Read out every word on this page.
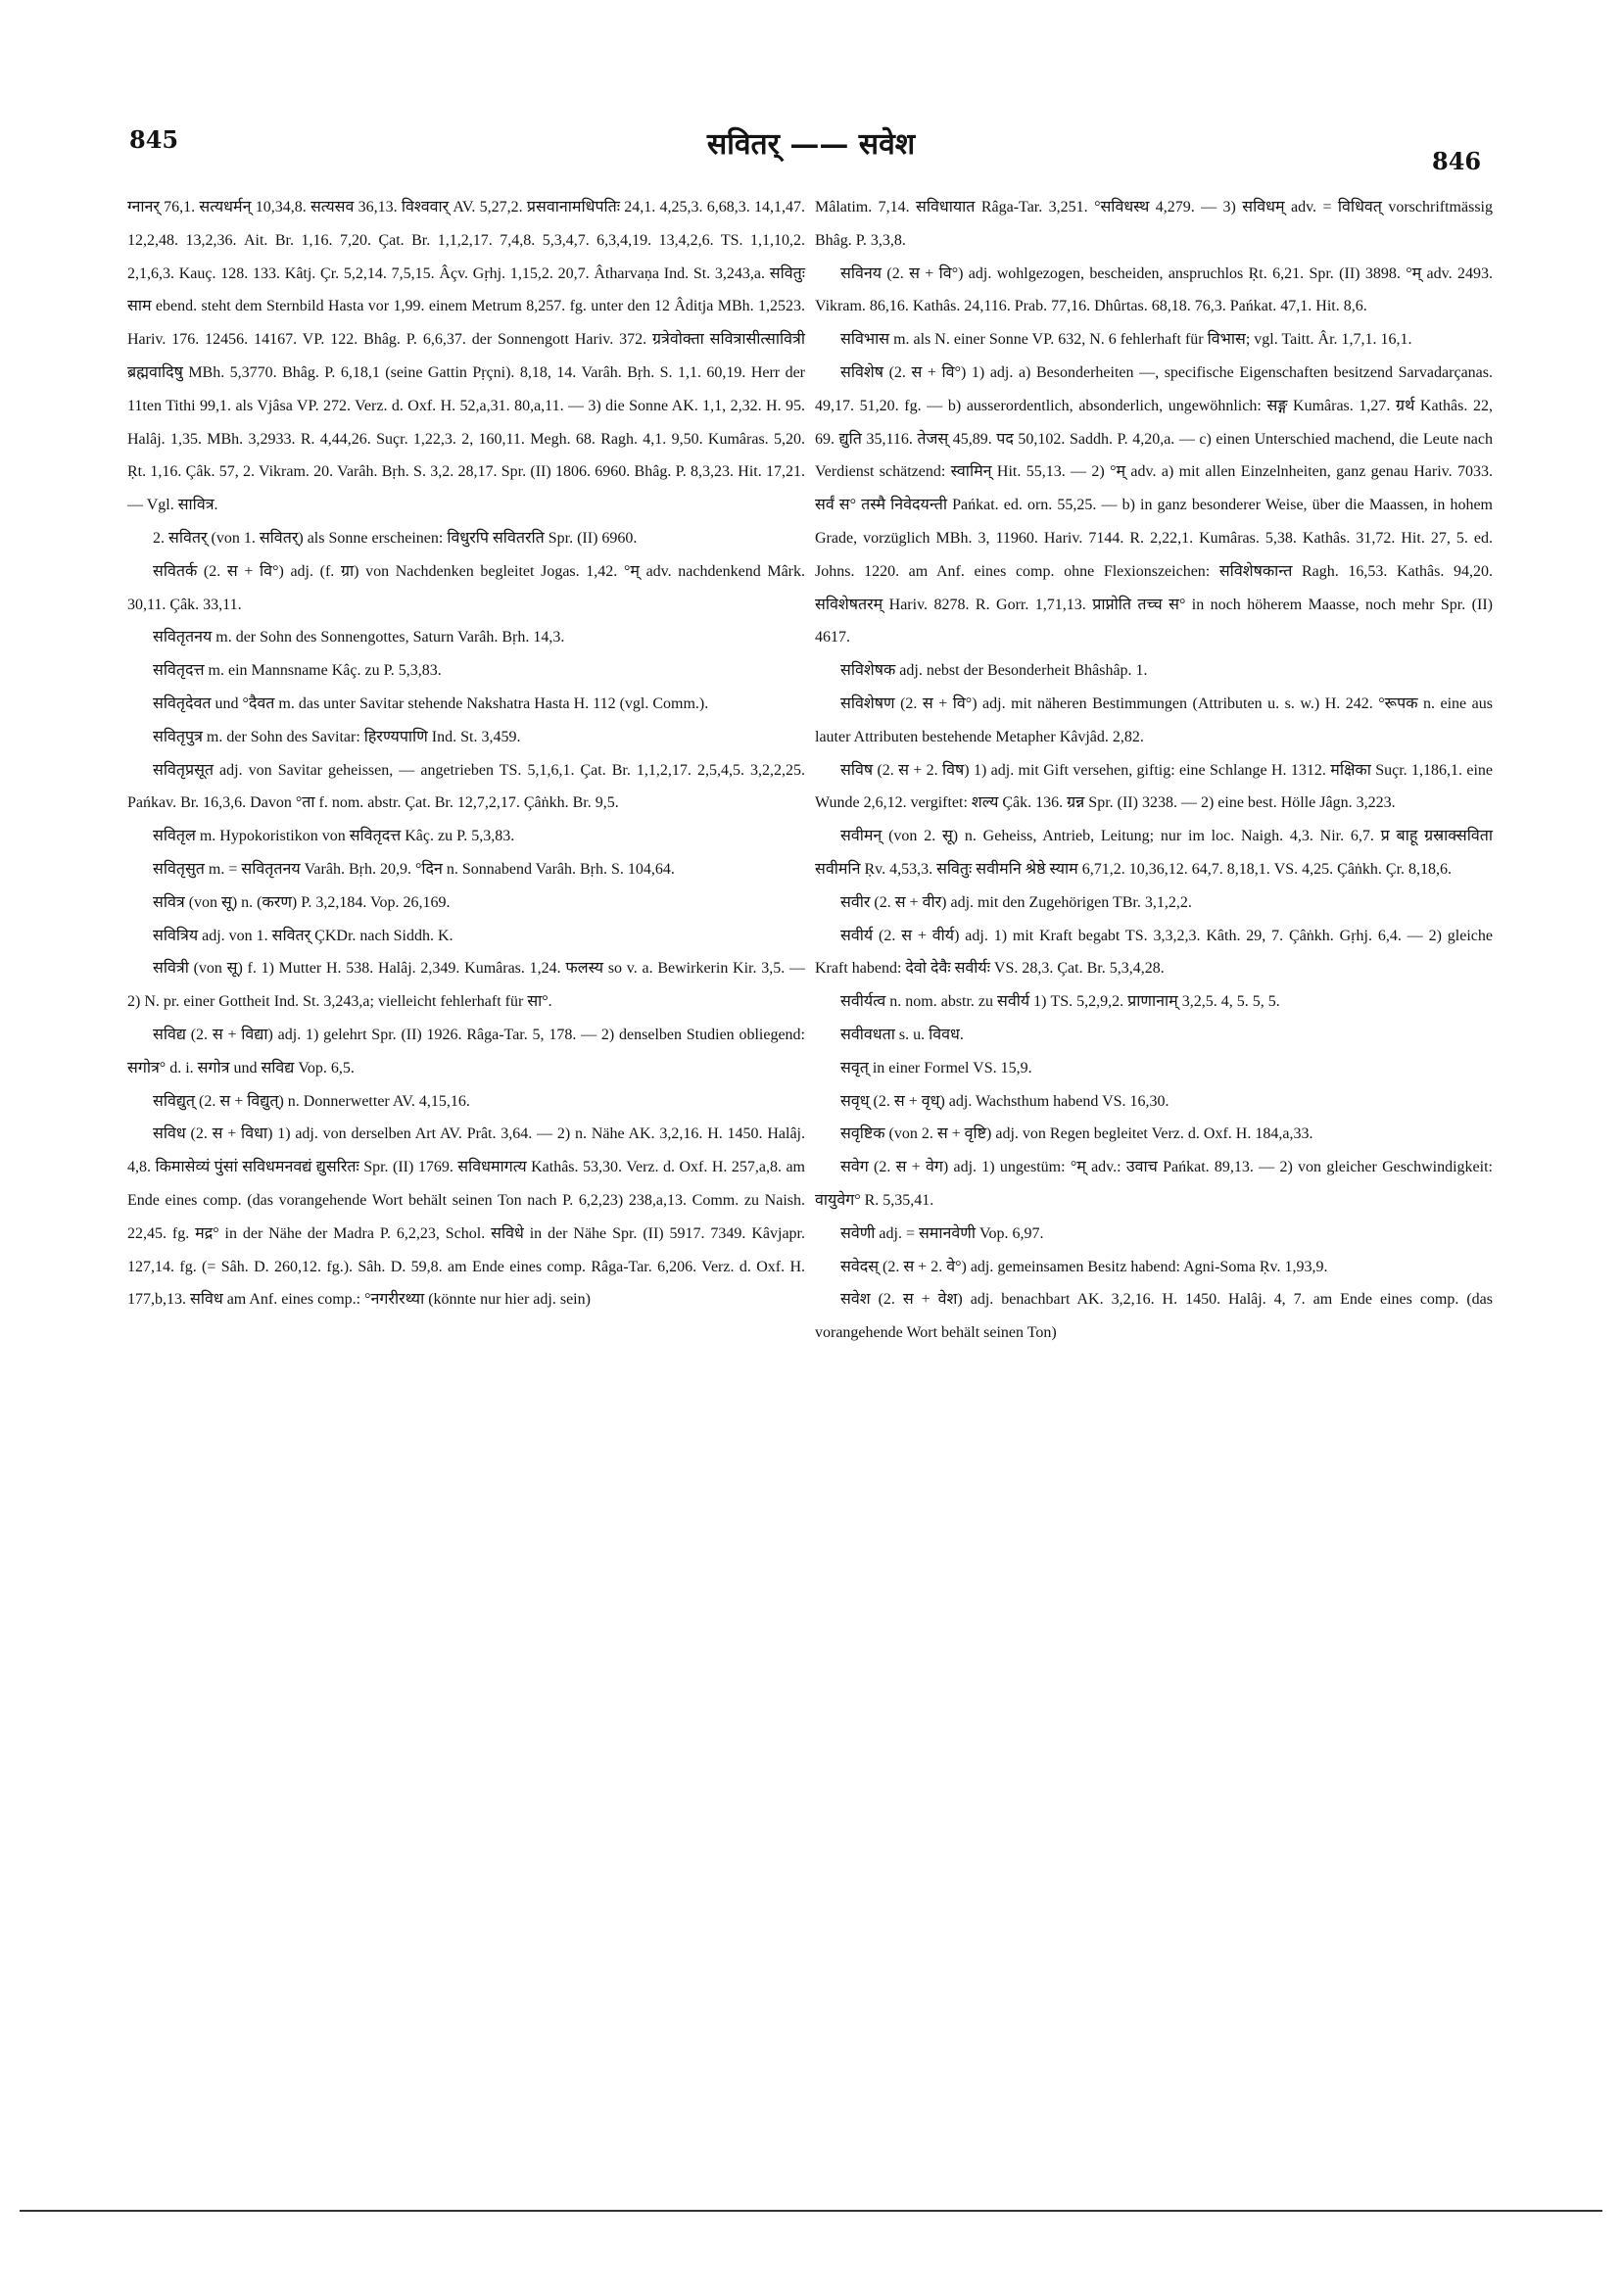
845	सवितर् —— सवेश	846

ग्नानर् 76,1. सत्यधर्मन् 10,34,8. सत्यसव 36,13. विश्ववार् AV. 5,27,2. प्रसवानामधिपतिः 24,1. 4,25,3. 6,68,3. 14,1,47. 12,2,48. 13,2,36. Ait. Br. 1,16. 7,20. Çat. Br. 1,1,2,17. 7,4,8. 5,3,4,7. 6,3,4,19. 13,4,2,6. TS. 1,1,10,2. 2,1,6,3. Kauç. 128. 133. Kâtj. Çr. 5,2,14. 7,5,15. Âçv. Gṛhj. 1,15,2. 20,7. Âtharvaṇa Ind. St. 3,243,a. सवितुः साम ebend. steht dem Sternbild Hasta vor 1,99. einem Metrum 8,257. fg. unter den 12 Âditja MBh. 1,2523. Hariv. 176. 12456. 14167. VP. 122. Bhâg. P. 6,6,37. der Sonnengott Hariv. 372. ग्रत्रेवोक्ता सवित्रासीत्सावित्री ब्रह्मवादिषु MBh. 5,3770. Bhâg. P. 6,18,1 (seine Gattin Pṛçni). 8,18, 14. Varâh. Bṛh. S. 1,1. 60,19. Herr der 11ten Tithi 99,1. als Vjâsa VP. 272. Verz. d. Oxf. H. 52,a,31. 80,a,11. — 3) die Sonne AK. 1,1, 2,32. H. 95. Halâj. 1,35. MBh. 3,2933. R. 4,44,26. Suçr. 1,22,3. 2, 160,11. Megh. 68. Ragh. 4,1. 9,50. Kumâras. 5,20. Ṛt. 1,16. Çâk. 57, 2. Vikram. 20. Varâh. Bṛh. S. 3,2. 28,17. Spr. (II) 1806. 6960. Bhâg. P. 8,3,23. Hit. 17,21. — Vgl. सावित्र.

2. सवितर् (von 1. सवितर्) als Sonne erscheinen: विधुरपि सवितरति Spr. (II) 6960.

सवितर्क (2. स + वि°) adj. (f. ग्रा) von Nachdenken begleitet Jogas. 1,42. °म् adv. nachdenkend Mârk. 30,11. Çâk. 33,11.

सवितृतनय m. der Sohn des Sonnengottes, Saturn Varâh. Bṛh. 14,3.

सवितृदत्त m. ein Mannsname Kâç. zu P. 5,3,83.

सवितृदेवत und °दैवत m. das unter Savitar stehende Nakshatra Hasta H. 112 (vgl. Comm.).

सवितृपुत्र m. der Sohn des Savitar: हिरण्यपाणि Ind. St. 3,459.

सवितृप्रसूत adj. von Savitar geheissen, — angetrieben TS. 5,1,6,1. Çat. Br. 1,1,2,17. 2,5,4,5. 3,2,2,25. Pańkav. Br. 16,3,6. Davon °ता f. nom. abstr. Çat. Br. 12,7,2,17. Çâṅkh. Br. 9,5.

सवितृल m. Hypokoristikon von सवितृदत्त Kâç. zu P. 5,3,83.

सवितृसुत m. = सवितृतनय Varâh. Bṛh. 20,9. °दिन n. Sonnabend Varâh. Bṛh. S. 104,64.

सवित्र (von सू) n. (करण) P. 3,2,184. Vop. 26,169.

सवित्रिय adj. von 1. सवितर् ÇKDr. nach Siddh. K.

सवित्री (von सू) f. 1) Mutter H. 538. Halâj. 2,349. Kumâras. 1,24. फलस्य so v. a. Bewirkerin Kir. 3,5. — 2) N. pr. einer Gottheit Ind. St. 3,243,a; vielleicht fehlerhaft für सा°.

सविद्य (2. स + विद्या) adj. 1) gelehrt Spr. (II) 1926. Râga-Tar. 5, 178. — 2) denselben Studien obliegend: सगोत्र° d. i. सगोत्र und सविद्य Vop. 6,5.

सविद्युत् (2. स + विद्युत्) n. Donnerwetter AV. 4,15,16.

सविध (2. स + विधा) 1) adj. von derselben Art AV. Prât. 3,64. — 2) n. Nähe AK. 3,2,16. H. 1450. Halâj. 4,8. किमासेव्यं पुंसां सविधमनवद्यं द्युसरितः Spr. (II) 1769. सविधमागत्य Kathâs. 53,30. Verz. d. Oxf. H. 257,a,8. am Ende eines comp. (das vorangehende Wort behält seinen Ton nach P. 6,2,23) 238,a,13. Comm. zu Naish. 22,45. fg. मद्र° in der Nähe der Madra P. 6,2,23, Schol. सविधे in der Nähe Spr. (II) 5917. 7349. Kâvjapr. 127,14. fg. (= Sâh. D. 260,12. fg.). Sâh. D. 59,8. am Ende eines comp. Râga-Tar. 6,206. Verz. d. Oxf. H. 177,b,13. सविध am Anf. eines comp.: °नगरीरथ्या (könnte nur hier adj. sein)

Mâlatim. 7,14. सविधायात Râga-Tar. 3,251. °सविधस्थ 4,279. — 3) सविधम् adv. = विधिवत् vorschriftmässig Bhâg. P. 3,3,8.

सविनय (2. स + वि°) adj. wohlgezogen, bescheiden, anspruchlos Ṛt. 6,21. Spr. (II) 3898. °म् adv. 2493. Vikram. 86,16. Kathâs. 24,116. Prab. 77,16. Dhûrtas. 68,18. 76,3. Pańkat. 47,1. Hit. 8,6.

सविभास m. als N. einer Sonne VP. 632, N. 6 fehlerhaft für विभास; vgl. Taitt. Âr. 1,7,1. 16,1.

सविशेष (2. स + वि°) 1) adj. a) Besonderheiten —, specifische Eigenschaften besitzend Sarvadarçanas. 49,17. 51,20. fg. — b) ausserordentlich, absonderlich, ungewöhnlich: सङ्ग Kumâras. 1,27. ग्रर्थ Kathâs. 22, 69. द्युति 35,116. तेजस् 45,89. पद 50,102. Saddh. P. 4,20,a. — c) einen Unterschied machend, die Leute nach Verdienst schätzend: स्वामिन् Hit. 55,13. — 2) °म् adv. a) mit allen Einzelnheiten, ganz genau Hariv. 7033. सर्वं स° तस्मै निवेदयन्ती Pańkat. ed. orn. 55,25. — b) in ganz besonderer Weise, über die Maassen, in hohem Grade, vorzüglich MBh. 3, 11960. Hariv. 7144. R. 2,22,1. Kumâras. 5,38. Kathâs. 31,72. Hit. 27, 5. ed. Johns. 1220. am Anf. eines comp. ohne Flexionszeichen: सविशेषकान्त Ragh. 16,53. Kathâs. 94,20. सविशेषतरम् Hariv. 8278. R. Gorr. 1,71,13. प्राप्नोति तच्च स° in noch höherem Maasse, noch mehr Spr. (II) 4617.

सविशेषक adj. nebst der Besonderheit Bhâshâp. 1.

सविशेषण (2. स + वि°) adj. mit näheren Bestimmungen (Attributen u. s. w.) H. 242. °रूपक n. eine aus lauter Attributen bestehende Metapher Kâvjâd. 2,82.

सविष (2. स + 2. विष) 1) adj. mit Gift versehen, giftig: eine Schlange H. 1312. मक्षिका Suçr. 1,186,1. eine Wunde 2,6,12. vergiftet: शल्य Çâk. 136. ग्रन्न Spr. (II) 3238. — 2) eine best. Hölle Jâgn. 3,223.

सवीमन् (von 2. सू) n. Geheiss, Antrieb, Leitung; nur im loc. Naigh. 4,3. Nir. 6,7. प्र बाहू ग्रस्राक्सविता सवीमनि Ṛv. 4,53,3. सवितुः सवीमनि श्रेष्ठे स्याम 6,71,2. 10,36,12. 64,7. 8,18,1. VS. 4,25. Çâṅkh. Çr. 8,18,6.

सवीर (2. स + वीर) adj. mit den Zugehörigen TBr. 3,1,2,2.

सवीर्य (2. स + वीर्य) adj. 1) mit Kraft begabt TS. 3,3,2,3. Kâth. 29, 7. Çâṅkh. Gṛhj. 6,4. — 2) gleiche Kraft habend: देवो देवैः सवीर्यः VS. 28,3. Çat. Br. 5,3,4,28.

सवीर्यत्व n. nom. abstr. zu सवीर्य 1) TS. 5,2,9,2. प्राणानाम् 3,2,5. 4, 5. 5, 5.

सवीवधता s. u. विवध.

सवृत् in einer Formel VS. 15,9.

सवृध् (2. स + वृध्) adj. Wachsthum habend VS. 16,30.

सवृष्टिक (von 2. स + वृष्टि) adj. von Regen begleitet Verz. d. Oxf. H. 184,a,33.

सवेग (2. स + वेग) adj. 1) ungestüm: °म् adv.: उवाच Pańkat. 89,13. — 2) von gleicher Geschwindigkeit: वायुवेग° R. 5,35,41.

सवेणी adj. = समानवेणी Vop. 6,97.

सवेदस् (2. स + 2. वे°) adj. gemeinsamen Besitz habend: Agni-Soma Ṛv. 1,93,9.

सवेश (2. स + वेश) adj. benachbart AK. 3,2,16. H. 1450. Halâj. 4, 7. am Ende eines comp. (das vorangehende Wort behält seinen Ton)
